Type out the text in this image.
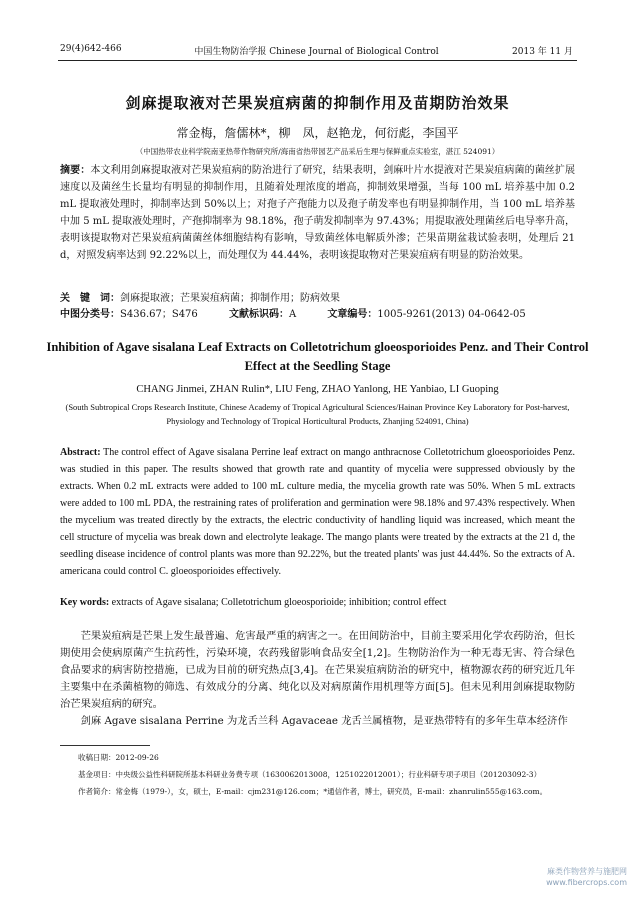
29(4)642-466	中国生物防治学报 Chinese Journal of Biological Control	2013 年 11 月
剑麻提取液对芒果炭疽病菌的抑制作用及苗期防治效果
常金梅，詹儒林*，柳　凤，赵艳龙，何衍彪，李国平
（中国热带农业科学院南亚热带作物研究所/海南省热带园艺产品采后生理与保鲜重点实验室，湛江 524091）
摘要：本文利用剑麻提取液对芒果炭疽病的防治进行了研究，结果表明，剑麻叶片水提液对芒果炭疽病菌的菌丝扩展速度以及菌丝生长量均有明显的抑制作用，且随着处理浓度的增高，抑制效果增强，当每 100 mL 培养基中加 0.2 mL 提取液处理时，抑制率达到 50%以上；对孢子产孢能力以及孢子萌发率也有明显抑制作用，当 100 mL 培养基中加 5 mL 提取液处理时，产孢抑制率为 98.18%，孢子萌发抑制率为 97.43%；用提取液处理菌丝后电导率升高，表明该提取物对芒果炭疽病菌菌丝体细胞结构有影响，导致菌丝体电解质外渗；芒果苗期盆栽试验表明，处理后 21 d，对照发病率达到 92.22%以上，而处理仅为 44.44%，表明该提取物对芒果炭疽病有明显的防治效果。
关　键　词：剑麻提取液；芒果炭疽病菌；抑制作用；防病效果
中图分类号：S436.67；S476	文献标识码：A	文章编号：1005-9261(2013) 04-0642-05
Inhibition of Agave sisalana Leaf Extracts on Colletotrichum gloeosporioides Penz. and Their Control Effect at the Seedling Stage
CHANG Jinmei, ZHAN Rulin*, LIU Feng, ZHAO Yanlong, HE Yanbiao, LI Guoping
(South Subtropical Crops Research Institute, Chinese Academy of Tropical Agricultural Sciences/Hainan Province Key Laboratory for Post-harvest, Physiology and Technology of Tropical Horticultural Products, Zhanjing 524091, China)
Abstract: The control effect of Agave sisalana Perrine leaf extract on mango anthracnose Colletotrichum gloeosporioides Penz. was studied in this paper. The results showed that growth rate and quantity of mycelia were suppressed obviously by the extracts. When 0.2 mL extracts were added to 100 mL culture media, the mycelia growth rate was 50%. When 5 mL extracts were added to 100 mL PDA, the restraining rates of proliferation and germination were 98.18% and 97.43% respectively. When the mycelium was treated directly by the extracts, the electric conductivity of handling liquid was increased, which meant the cell structure of mycelia was break down and electrolyte leakage. The mango plants were treated by the extracts at the 21 d, the seedling disease incidence of control plants was more than 92.22%, but the treated plants' was just 44.44%. So the extracts of A. americana could control C. gloeosporioides effectively.
Key words: extracts of Agave sisalana; Colletotrichum gloeosporioide; inhibition; control effect

芒果炭疽病是芒果上发生最普遍、危害最严重的病害之一。在田间防治中，目前主要采用化学农药防治，但长期使用会使病原菌产生抗药性，污染环境，农药残留影响食品安全[1,2]。生物防治作为一种无毒无害、符合绿色食品要求的病害防控措施，已成为目前的研究热点[3,4]。在芒果炭疽病防治的研究中，植物源农药的研究近几年主要集中在杀菌植物的筛选、有效成分的分离、纯化以及对病原菌作用机理等方面[5]。但未见利用剑麻提取物防治芒果炭疽病的研究。

剑麻 Agave sisalana Perrine 为龙舌兰科 Agavaceae 龙舌兰属植物，是亚热带特有的多年生草本经济作

收稿日期：2012-09-26
基金项目：中央级公益性科研院所基本科研业务费专项（1630062013008，1251022012001）；行业科研专项子项目（201203092-3）
作者简介：常金梅（1979-），女，硕士，E-mail：cjm231@126.com；*通信作者，博士，研究员，E-mail：zhanrulin555@163.com。
麻类作物营养与施肥网
www.fibercrops.com
